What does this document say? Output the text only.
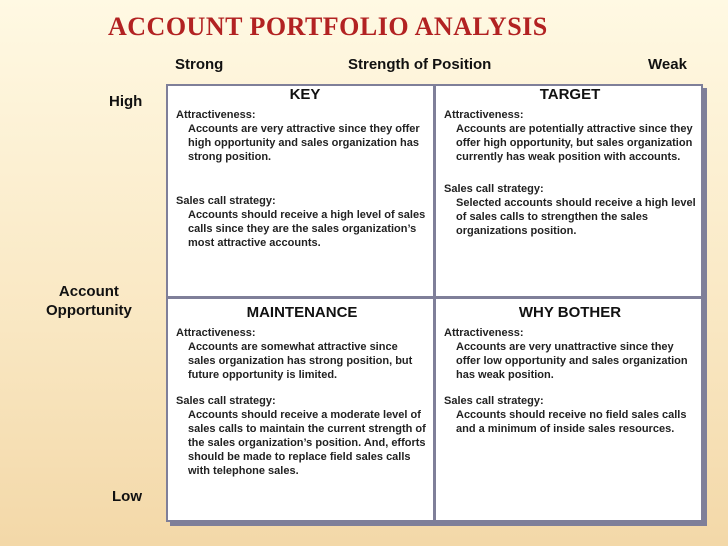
ACCOUNT PORTFOLIO ANALYSIS
Strong	Strength of Position	Weak
High
Low
Account
Opportunity
KEY

Attractiveness:

Accounts are very attractive since they offer high opportunity and sales organization has strong position.

Sales call strategy:

Accounts should receive a high level of sales calls since they are the sales organization’s most attractive accounts.

TARGET

Attractiveness:

Accounts are potentially attractive since they offer high opportunity, but sales organization currently has weak position with accounts.

Sales call strategy:

Selected accounts should receive a high level of sales calls to strengthen the sales organizations position.

MAINTENANCE

Attractiveness:

Accounts are somewhat attractive since sales organization has strong position, but future opportunity is limited.

Sales call strategy:

Accounts should receive a moderate level of sales calls to maintain the current strength of the sales organization’s position. And, efforts should be made to replace field sales calls with telephone sales.

WHY BOTHER

Attractiveness:

Accounts are very unattractive since they offer low opportunity and sales organization has weak position.

Sales call strategy:

Accounts should receive no field sales calls and a minimum of inside sales resources.
